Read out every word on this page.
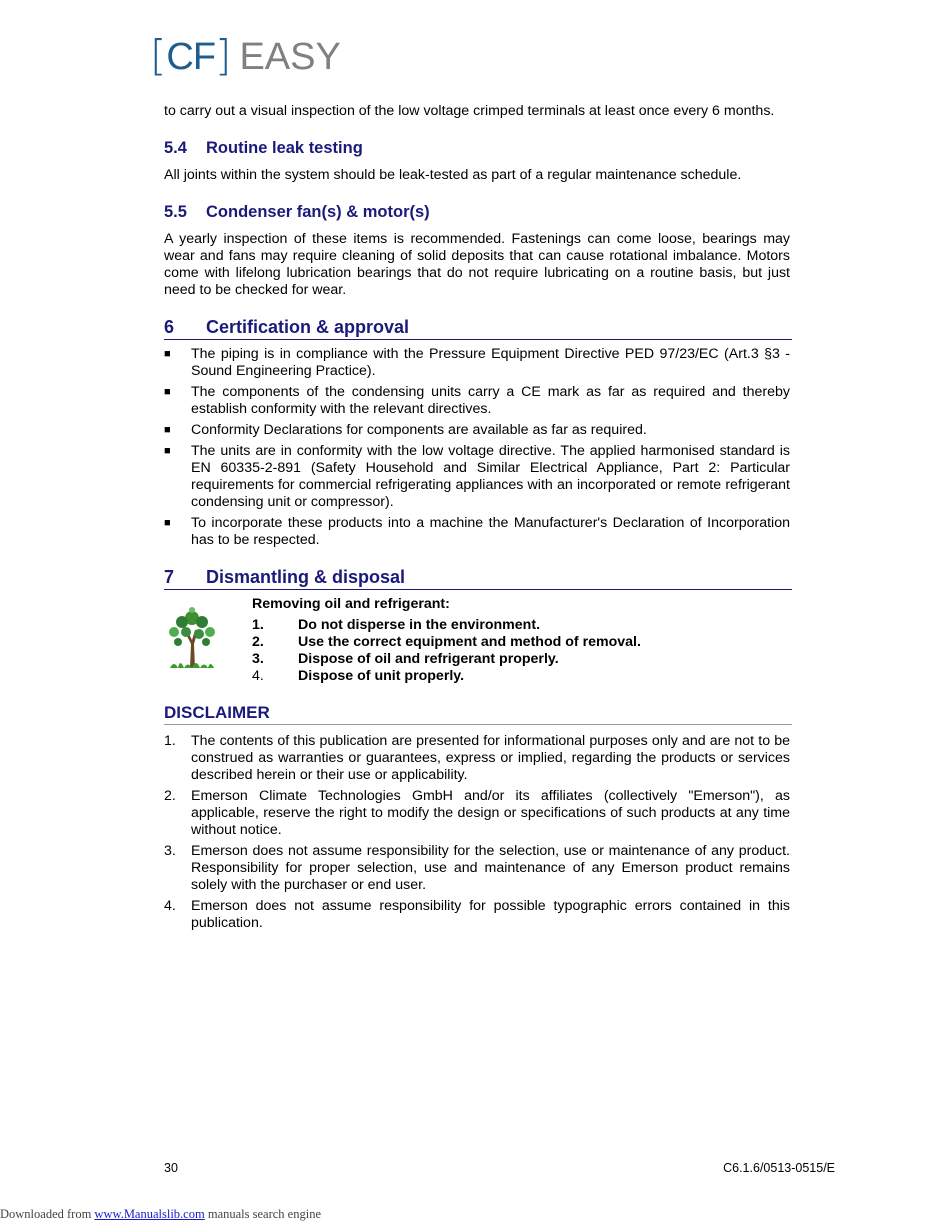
[CF] EASY

to carry out a visual inspection of the low voltage crimped terminals at least once every 6 months.

5.4	Routine leak testing

All joints within the system should be leak-tested as part of a regular maintenance schedule.

5.5	Condenser fan(s) & motor(s)

A yearly inspection of these items is recommended. Fastenings can come loose, bearings may wear and fans may require cleaning of solid deposits that can cause rotational imbalance. Motors come with lifelong lubrication bearings that do not require lubricating on a routine basis, but just need to be checked for wear.

6	Certification & approval
■ The piping is in compliance with the Pressure Equipment Directive PED 97/23/EC (Art.3 §3 - Sound Engineering Practice).
■ The components of the condensing units carry a CE mark as far as required and thereby establish conformity with the relevant directives.
■ Conformity Declarations for components are available as far as required.
■ The units are in conformity with the low voltage directive. The applied harmonised standard is EN 60335-2-891 (Safety Household and Similar Electrical Appliance, Part 2: Particular requirements for commercial refrigerating appliances with an incorporated or remote refrigerant condensing unit or compressor).
■ To incorporate these products into a machine the Manufacturer's Declaration of Incorporation has to be respected.
7	Dismantling & disposal
Removing oil and refrigerant:
1.	Do not disperse in the environment.
2.	Use the correct equipment and method of removal.
3.	Dispose of oil and refrigerant properly.
4.	Dispose of unit properly.
DISCLAIMER
1. The contents of this publication are presented for informational purposes only and are not to be construed as warranties or guarantees, express or implied, regarding the products or services described herein or their use or applicability.
2. Emerson Climate Technologies GmbH and/or its affiliates (collectively "Emerson"), as applicable, reserve the right to modify the design or specifications of such products at any time without notice.
3. Emerson does not assume responsibility for the selection, use or maintenance of any product. Responsibility for proper selection, use and maintenance of any Emerson product remains solely with the purchaser or end user.
4. Emerson does not assume responsibility for possible typographic errors contained in this publication.
30	C6.1.6/0513-0515/E
Downloaded from www.Manualslib.com manuals search engine
